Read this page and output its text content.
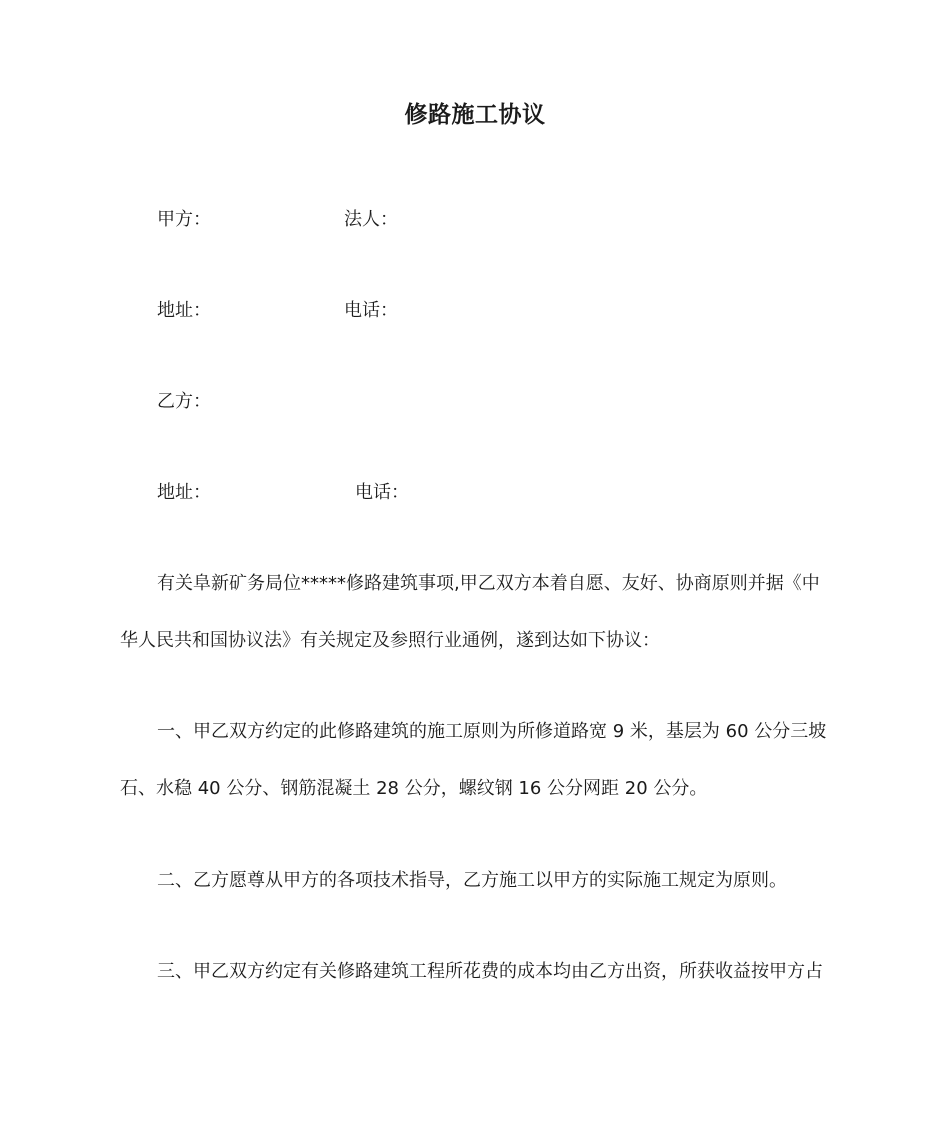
修路施工协议
甲方：	法人：
地址：	电话：
乙方：
地址：	电话：
有关阜新矿务局位*****修路建筑事项,甲乙双方本着自愿、友好、协商原则并据《中
华人民共和国协议法》有关规定及参照行业通例，遂到达如下协议：
一、甲乙双方约定的此修路建筑的施工原则为所修道路宽 9 米，基层为 60 公分三坡
石、水稳 40 公分、钢筋混凝土 28 公分，螺纹钢 16 公分网距 20 公分。
二、乙方愿尊从甲方的各项技术指导，乙方施工以甲方的实际施工规定为原则。
三、甲乙双方约定有关修路建筑工程所花费的成本均由乙方出资，所获收益按甲方占
